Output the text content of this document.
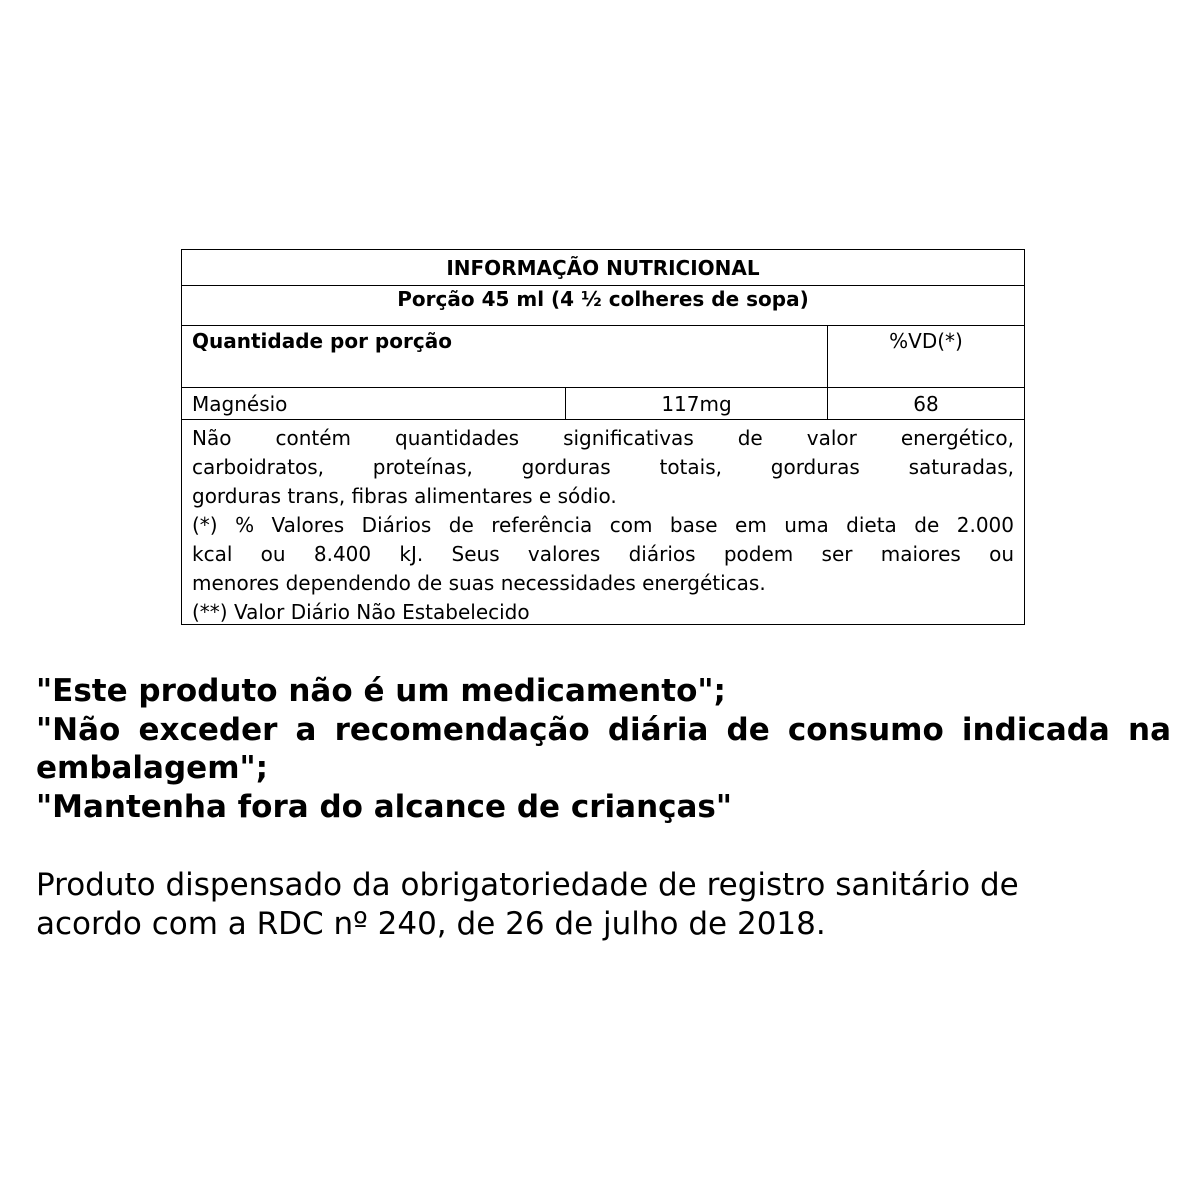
INFORMAÇÃO NUTRICIONAL
Porção 45 ml (4 ½ colheres de sopa)
Quantidade por porção	%VD(*)
Magnésio	117mg	68
Não contém quantidades significativas de valor energético,
carboidratos, proteínas, gorduras totais, gorduras saturadas,
gorduras trans, fibras alimentares e sódio.
(*) % Valores Diários de referência com base em uma dieta de 2.000
kcal ou 8.400 kJ. Seus valores diários podem ser maiores ou
menores dependendo de suas necessidades energéticas.
(**) Valor Diário Não Estabelecido
"Este produto não é um medicamento";
"Não exceder a recomendação diária de consumo indicada na
embalagem";
"Mantenha fora do alcance de crianças"
Produto dispensado da obrigatoriedade de registro sanitário de
acordo com a RDC nº 240, de 26 de julho de 2018.
